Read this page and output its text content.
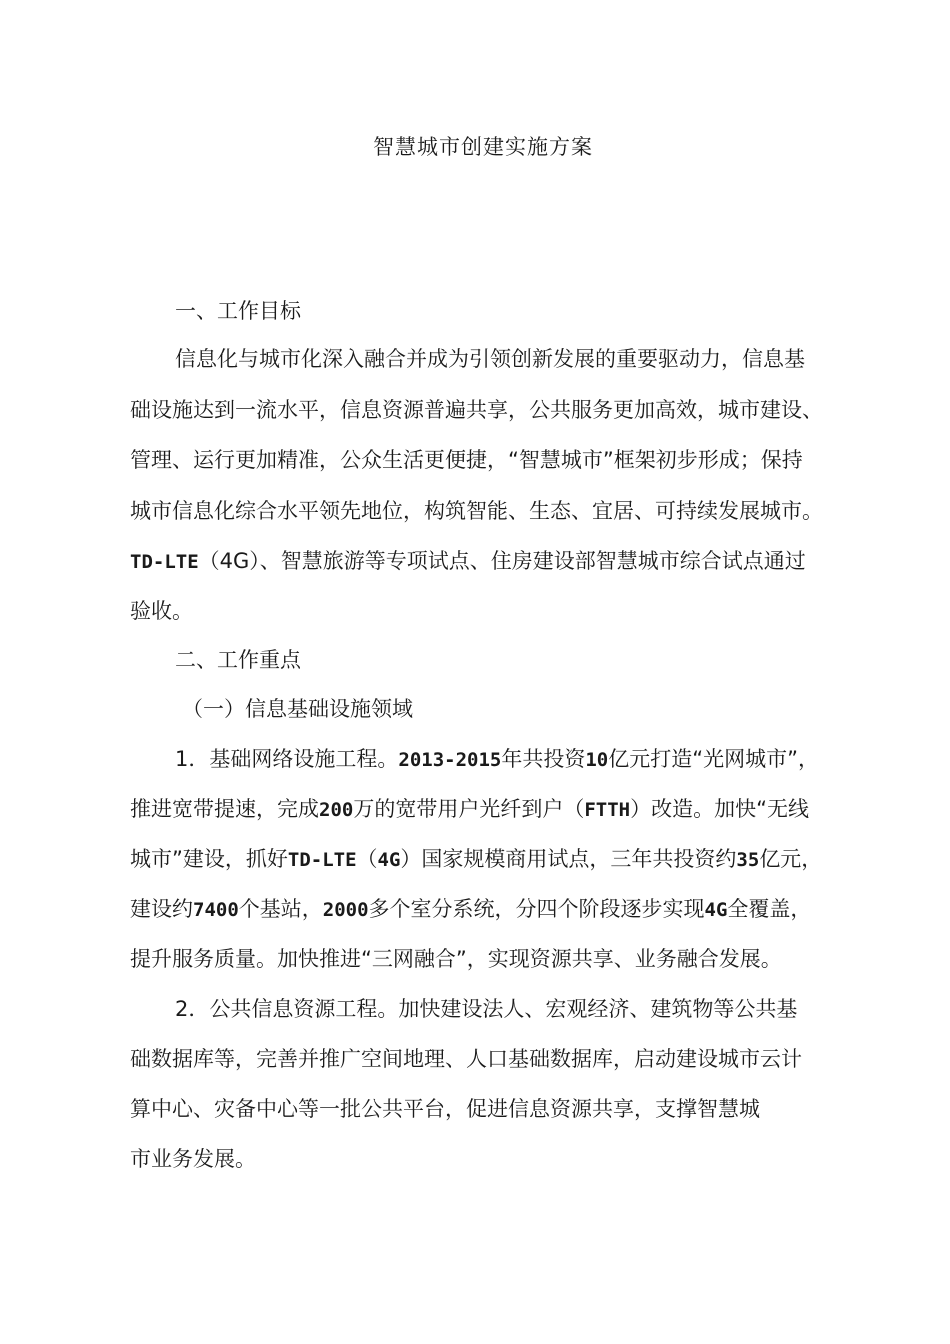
智慧城市创建实施方案
一、工作目标
信息化与城市化深入融合并成为引领创新发展的重要驱动力，信息基
础设施达到一流水平，信息资源普遍共享，公共服务更加高效，城市建设、
管理、运行更加精准，公众生活更便捷，“智慧城市”框架初步形成；保持
城市信息化综合水平领先地位，构筑智能、生态、宜居、可持续发展城市。
TD-LTE（4G）、智慧旅游等专项试点、住房建设部智慧城市综合试点通过
验收。
二、工作重点
（一）信息基础设施领域
1．基础网络设施工程。2013-2015年共投资10亿元打造“光网城市”，
推进宽带提速，完成200万的宽带用户光纤到户（FTTH）改造。加快“无线
城市”建设，抓好TD-LTE（4G）国家规模商用试点，三年共投资约35亿元，
建设约7400个基站，2000多个室分系统，分四个阶段逐步实现4G全覆盖，
提升服务质量。加快推进“三网融合”，实现资源共享、业务融合发展。
2．公共信息资源工程。加快建设法人、宏观经济、建筑物等公共基
础数据库等，完善并推广空间地理、人口基础数据库，启动建设城市云计
算中心、灾备中心等一批公共平台，促进信息资源共享，支撑智慧城
市业务发展。
